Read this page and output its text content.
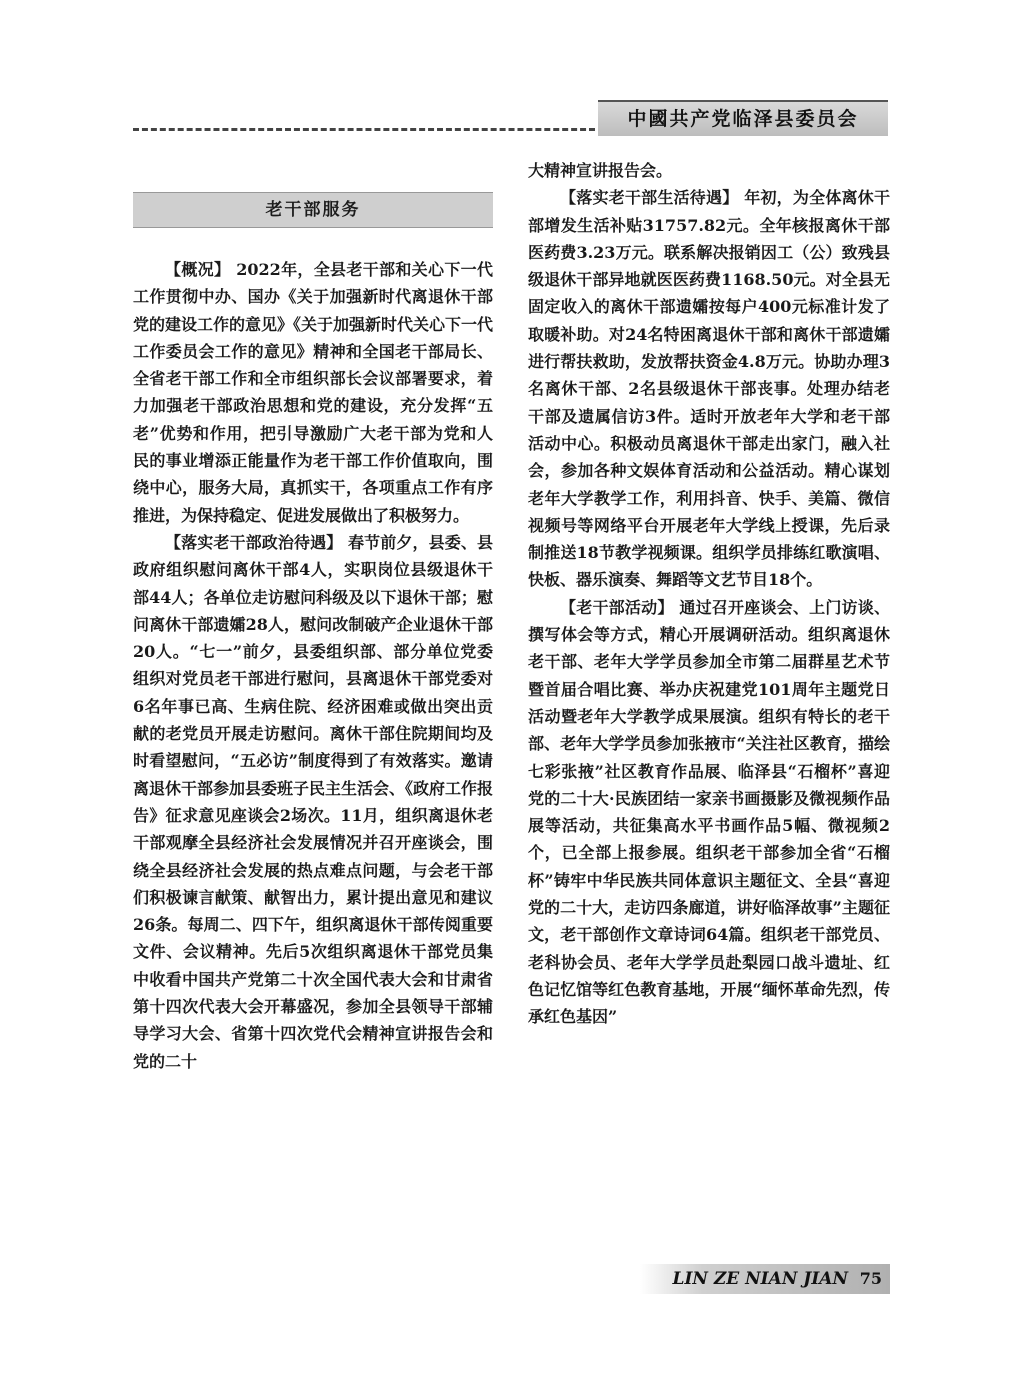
中國共产党临泽县委员会
老干部服务

【概况】 2022年，全县老干部和关心下一代工作贯彻中办、国办《关于加强新时代离退休干部党的建设工作的意见》《关于加强新时代关心下一代工作委员会工作的意见》精神和全国老干部局长、全省老干部工作和全市组织部长会议部署要求，着力加强老干部政治思想和党的建设，充分发挥“五老”优势和作用，把引导激励广大老干部为党和人民的事业增添正能量作为老干部工作价值取向，围绕中心，服务大局，真抓实干，各项重点工作有序推进，为保持稳定、促进发展做出了积极努力。

【落实老干部政治待遇】 春节前夕，县委、县政府组织慰问离休干部4人，实职岗位县级退休干部44人；各单位走访慰问科级及以下退休干部；慰问离休干部遗孀28人，慰问改制破产企业退休干部20人。“七一”前夕，县委组织部、部分单位党委组织对党员老干部进行慰问，县离退休干部党委对6名年事已高、生病住院、经济困难或做出突出贡献的老党员开展走访慰问。离休干部住院期间均及时看望慰问，“五必访”制度得到了有效落实。邀请离退休干部参加县委班子民主生活会、《政府工作报告》征求意见座谈会2场次。11月，组织离退休老干部观摩全县经济社会发展情况并召开座谈会，围绕全县经济社会发展的热点难点问题，与会老干部们积极谏言献策、献智出力，累计提出意见和建议26条。每周二、四下午，组织离退休干部传阅重要文件、会议精神。先后5次组织离退休干部党员集中收看中国共产党第二十次全国代表大会和甘肃省第十四次代表大会开幕盛况，参加全县领导干部辅导学习大会、省第十四次党代会精神宣讲报告会和党的二十

大精神宣讲报告会。

【落实老干部生活待遇】 年初，为全体离休干部增发生活补贴31757.82元。全年核报离休干部医药费3.23万元。联系解决报销因工（公）致残县级退休干部异地就医医药费1168.50元。对全县无固定收入的离休干部遗孀按每户400元标准计发了取暖补助。对24名特困离退休干部和离休干部遗孀进行帮扶救助，发放帮扶资金4.8万元。协助办理3名离休干部、2名县级退休干部丧事。处理办结老干部及遗属信访3件。适时开放老年大学和老干部活动中心。积极动员离退休干部走出家门，融入社会，参加各种文娱体育活动和公益活动。精心谋划老年大学教学工作，利用抖音、快手、美篇、微信视频号等网络平台开展老年大学线上授课，先后录制推送18节教学视频课。组织学员排练红歌演唱、快板、器乐演奏、舞蹈等文艺节目18个。

【老干部活动】 通过召开座谈会、上门访谈、撰写体会等方式，精心开展调研活动。组织离退休老干部、老年大学学员参加全市第二届群星艺术节暨首届合唱比赛、举办庆祝建党101周年主题党日活动暨老年大学教学成果展演。组织有特长的老干部、老年大学学员参加张掖市“关注社区教育，描绘七彩张掖”社区教育作品展、临泽县“石榴杯”喜迎党的二十大·民族团结一家亲书画摄影及微视频作品展等活动，共征集高水平书画作品5幅、微视频2个，已全部上报参展。组织老干部参加全省“石榴杯”铸牢中华民族共同体意识主题征文、全县“喜迎党的二十大，走访四条廊道，讲好临泽故事”主题征文，老干部创作文章诗词64篇。组织老干部党员、老科协会员、老年大学学员赴梨园口战斗遗址、红色记忆馆等红色教育基地，开展“缅怀革命先烈，传承红色基因”

LIN ZE NIAN JIAN 75
